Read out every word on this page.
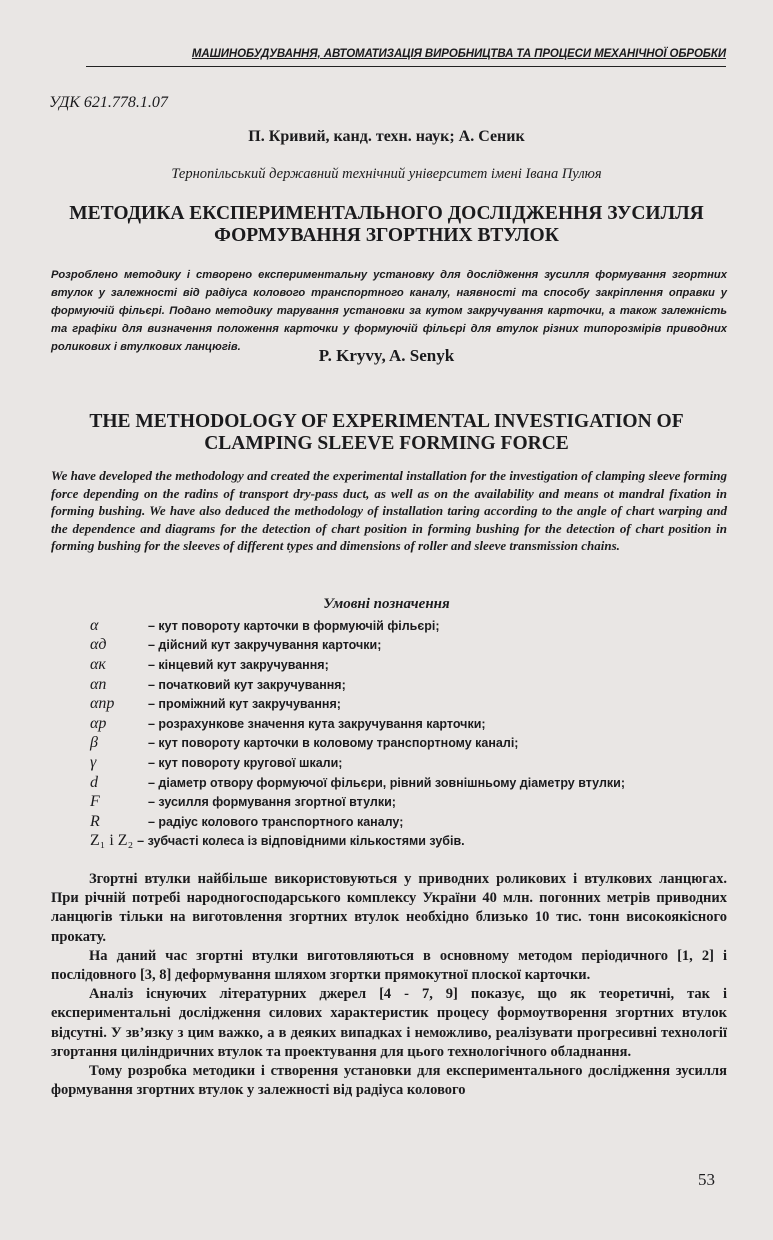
МАШИНОБУДУВАННЯ, АВТОМАТИЗАЦІЯ ВИРОБНИЦТВА ТА ПРОЦЕСИ МЕХАНІЧНОЇ ОБРОБКИ
УДК 621.778.1.07
П. Кривий, канд. техн. наук; А. Сеник
Тернопільський державний технічний університет імені Івана Пулюя
МЕТОДИКА ЕКСПЕРИМЕНТАЛЬНОГО ДОСЛІДЖЕННЯ ЗУСИЛЛЯ ФОРМУВАННЯ ЗГОРТНИХ ВТУЛОК

Розроблено методику і створено експериментальну установку для дослідження зусилля формування згортних втулок у залежності від радіуса колового транспортного каналу, наявності та способу закріплення оправки у формуючій фільєрі. Подано методику тарування установки за кутом закручування карточки, а також залежність та графіки для визначення положення карточки у формуючій фільєрі для втулок різних типорозмірів приводних роликових і втулкових ланцюгів.	P. Kryvy, A. Senyk
THE METHODOLOGY OF EXPERIMENTAL INVESTIGATION OF CLAMPING SLEEVE FORMING FORCE

We have developed the methodology and created the experimental installation for the investigation of clamping sleeve forming force depending on the radins of transport dry-pass duct, as well as on the availability and means ot mandral fixation in forming bushing. We have also deduced the methodology of installation taring according to the angle of chart warping and the dependence and diagrams for the detection of chart position in forming bushing for the detection of chart position in forming bushing for the sleeves of different types and dimensions of roller and sleeve transmission chains.

Умовні позначення
α	– кут повороту карточки в формуючій фільєрі;
αд	– дійсний кут закручування карточки;
αк	– кінцевий кут закручування;
αп	– початковий кут закручування;
αпр	– проміжний кут закручування;
αр	– розрахункове значення кута закручування карточки;
β	– кут повороту карточки в коловому транспортному каналі;
γ	– кут повороту кругової шкали;
d	– діаметр отвору формуючої фільєри, рівний зовнішньому діаметру втулки;
F	– зусилля формування згортної втулки;
R	– радіус колового транспортного каналу;
Z₁ і Z₂ – зубчасті колеса із відповідними кількостями зубів.

Згортні втулки найбільше використовуються у приводних роликових і втулкових ланцюгах. При річній потребі народногосподарського комплексу України 40 млн. погонних метрів приводних ланцюгів тільки на виготовлення згортних втулок необхідно близько 10 тис. тонн високоякісного прокату.

На даний час згортні втулки виготовляються в основному методом періодичного [1, 2] і послідовного [3, 8] деформування шляхом згортки прямокутної плоскої карточки.

Аналіз існуючих літературних джерел [4 - 7, 9] показує, що як теоретичні, так і експериментальні дослідження силових характеристик процесу формоутворення згортних втулок відсутні. У зв’язку з цим важко, а в деяких випадках і неможливо, реалізувати прогресивні технології згортання циліндричних втулок та проектування для цього технологічного обладнання.

Тому розробка методики і створення установки для експериментального дослідження зусилля формування згортних втулок у залежності від радіуса колового

53
